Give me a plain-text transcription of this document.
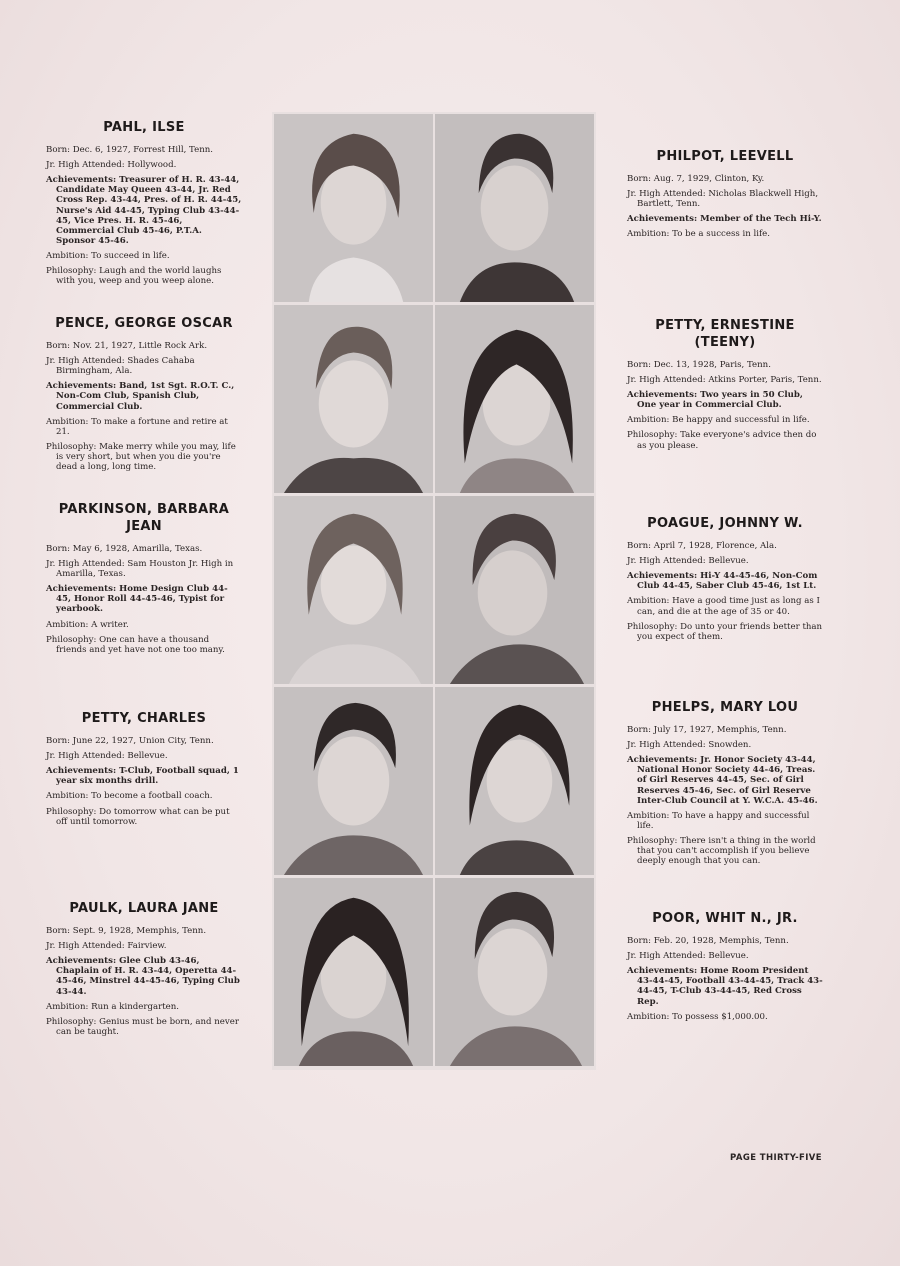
PAHL, ILSE

Born: Dec. 6, 1927, Forrest Hill, Tenn.

Jr. High Attended: Hollywood.

Achievements: Treasurer of H. R. 43-44, Candidate May Queen 43-44, Jr. Red Cross Rep. 43-44, Pres. of H. R. 44-45, Nurse's Aid 44-45, Typing Club 43-44-45, Vice Pres. H. R. 45-46, Commercial Club 45-46, P.T.A. Sponsor 45-46.

Ambition: To succeed in life.

Philosophy: Laugh and the world laughs with you, weep and you weep alone.

PENCE, GEORGE OSCAR

Born: Nov. 21, 1927, Little Rock Ark.

Jr. High Attended: Shades Cahaba Birmingham, Ala.

Achievements: Band, 1st Sgt. R.O.T. C., Non-Com Club, Spanish Club, Commercial Club.

Ambition: To make a fortune and retire at 21.

Philosophy: Make merry while you may, life is very short, but when you die you're dead a long, long time.

PARKINSON, BARBARA JEAN

Born: May 6, 1928, Amarilla, Texas.

Jr. High Attended: Sam Houston Jr. High in Amarilla, Texas.

Achievements: Home Design Club 44-45, Honor Roll 44-45-46, Typist for yearbook.

Ambition: A writer.

Philosophy: One can have a thousand friends and yet have not one too many.

PETTY, CHARLES

Born: June 22, 1927, Union City, Tenn.

Jr. High Attended: Bellevue.

Achievements: T-Club, Football squad, 1 year six months drill.

Ambition: To become a football coach.

Philosophy: Do tomorrow what can be put off until tomorrow.

PAULK, LAURA JANE

Born: Sept. 9, 1928, Memphis, Tenn.

Jr. High Attended: Fairview.

Achievements: Glee Club 43-46, Chaplain of H. R. 43-44, Operetta 44-45-46, Minstrel 44-45-46, Typing Club 43-44.

Ambition: Run a kindergarten.

Philosophy: Genius must be born, and never can be taught.

PHILPOT, LEEVELL

Born: Aug. 7, 1929, Clinton, Ky.

Jr. High Attended: Nicholas Blackwell High, Bartlett, Tenn.

Achievements: Member of the Tech Hi-Y.

Ambition: To be a success in life.

PETTY, ERNESTINE (TEENY)

Born: Dec. 13, 1928, Paris, Tenn.

Jr. High Attended: Atkins Porter, Paris, Tenn.

Achievements: Two years in 50 Club, One year in Commercial Club.

Ambition: Be happy and successful in life.

Philosophy: Take everyone's advice then do as you please.

POAGUE, JOHNNY W.

Born: April 7, 1928, Florence, Ala.

Jr. High Attended: Bellevue.

Achievements: Hi-Y 44-45-46, Non-Com Club 44-45, Saber Club 45-46, 1st Lt.

Ambition: Have a good time just as long as I can, and die at the age of 35 or 40.

Philosophy: Do unto your friends better than you expect of them.

PHELPS, MARY LOU

Born: July 17, 1927, Memphis, Tenn.

Jr. High Attended: Snowden.

Achievements: Jr. Honor Society 43-44, National Honor Society 44-46, Treas. of Girl Reserves 44-45, Sec. of Girl Reserves 45-46, Sec. of Girl Reserve Inter-Club Council at Y. W.C.A. 45-46.

Ambition: To have a happy and successful life.

Philosophy: There isn't a thing in the world that you can't accomplish if you believe deeply enough that you can.

POOR, WHIT N., JR.

Born: Feb. 20, 1928, Memphis, Tenn.

Jr. High Attended: Bellevue.

Achievements: Home Room President 43-44-45, Football 43-44-45, Track 43-44-45, T-Club 43-44-45, Red Cross Rep.

Ambition: To possess $1,000.00.

PAGE THIRTY-FIVE
